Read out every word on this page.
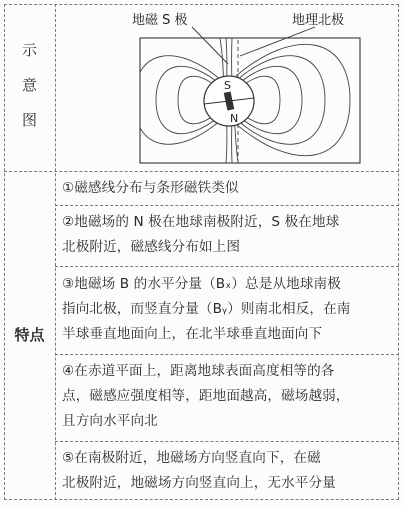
示
意
图
地磁 S 极	地理北极
S
N
特点
①磁感线分布与条形磁铁类似
②地磁场的 N 极在地球南极附近，S 极在地球
北极附近，磁感线分布如上图
③地磁场 B 的水平分量（Bₓ）总是从地球南极
指向北极，而竖直分量（Bᵧ）则南北相反，在南
半球垂直地面向上，在北半球垂直地面向下
④在赤道平面上，距离地球表面高度相等的各
点，磁感应强度相等，距地面越高，磁场越弱，
且方向水平向北
⑤在南极附近，地磁场方向竖直向下，在磁
北极附近，地磁场方向竖直向上，无水平分量
